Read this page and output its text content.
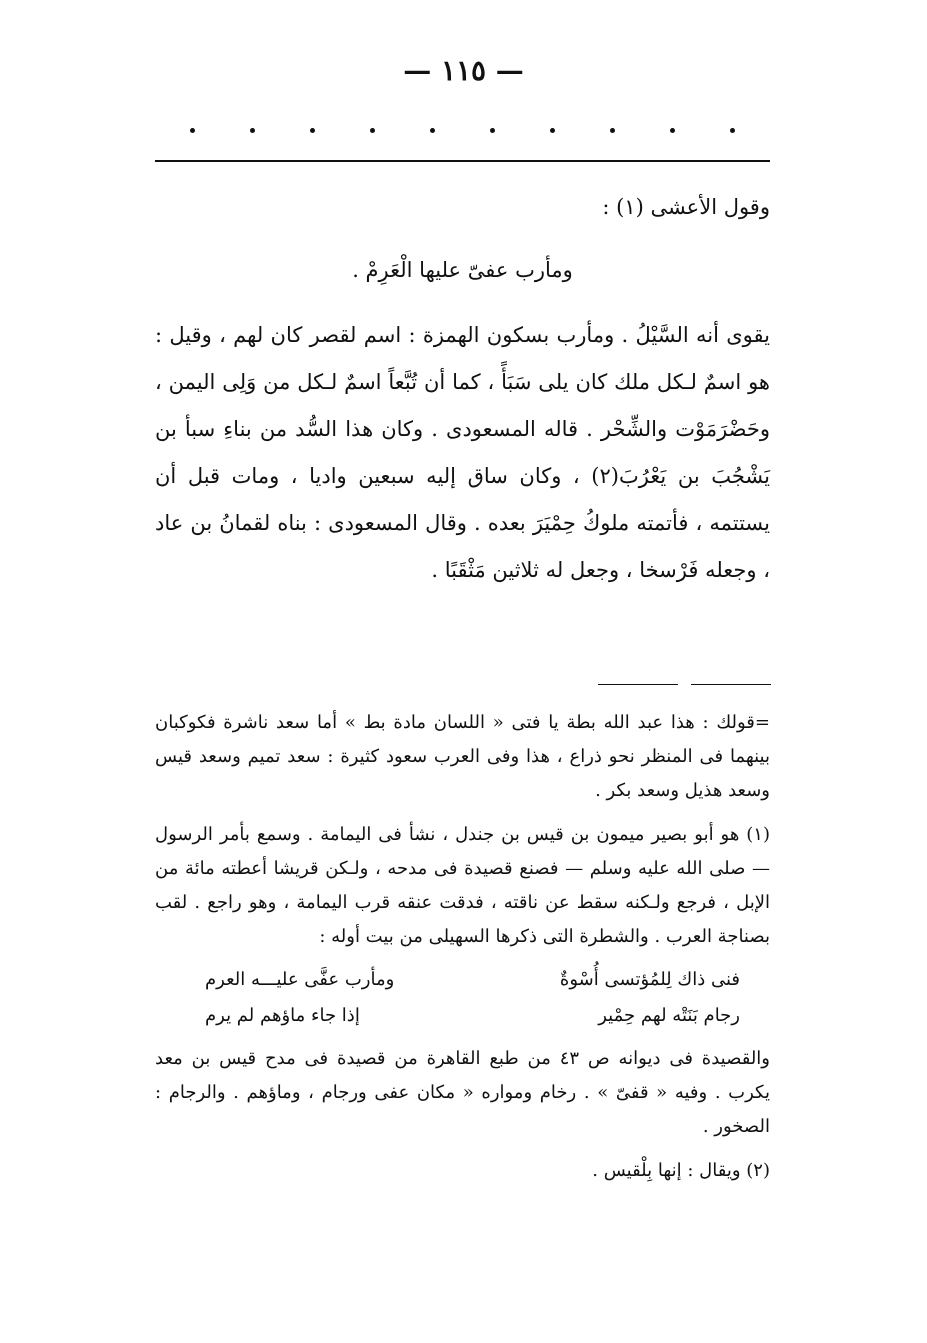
— ١١٥ —

وقول الأعشى (١) :

ومأرب عفىّ عليها الْعَرِمْ .

يقوى أنه السَّيْلُ . ومأرب بسكون الهمزة : اسم لقصر كان لهم ، وقيل : هو اسمٌ لـكل ملك كان يلى سَبَأً ، كما أن تُبَّعاً اسمٌ لـكل من وَلِى اليمن ، وحَضْرَمَوْت والشِّحْر . قاله المسعودى . وكان هذا السُّد من بناءِ سبأ بن يَشْجُبَ بن يَعْرُبَ(٢) ، وكان ساق إليه سبعين واديا ، ومات قبل أن يستتمه ، فأتمته ملوكُ حِمْيَرَ بعده . وقال المسعودى : بناه لقمانُ بن عاد ، وجعله فَرْسخا ، وجعل له ثلاثين مَثْقَبًا .

=قولك : هذا عبد الله بطة يا فتى « اللسان مادة بط » أما سعد ناشرة فكوكبان بينهما فى المنظر نحو ذراع ، هذا وفى العرب سعود كثيرة : سعد تميم وسعد قيس وسعد هذيل وسعد بكر .

(١) هو أبو بصير ميمون بن قيس بن جندل ، نشأ فى اليمامة . وسمع بأمر الرسول — صلى الله عليه وسلم — فصنع قصيدة فى مدحه ، ولـكن قريشا أعطته مائة من الإبل ، فرجع ولـكنه سقط عن ناقته ، فدقت عنقه قرب اليمامة ، وهو راجع . لقب بصناجة العرب . والشطرة التى ذكرها السهيلى من بيت أوله :

فنى ذاك لِلمُؤتسى أُسْوةٌ
ومأرب عفَّى عليـــه العرم
رجام بَنَتْه لهم حِمْير
إذا جاء ماؤهم لم يرم

والقصيدة فى ديوانه ص ٤٣ من طبع القاهرة من قصيدة فى مدح قيس بن معد يكرب . وفيه « قفىّ » . رخام ومواره « مكان عفى ورجام ، وماؤهم . والرجام : الصخور .

(٢) ويقال : إنها بِلْقيس .
